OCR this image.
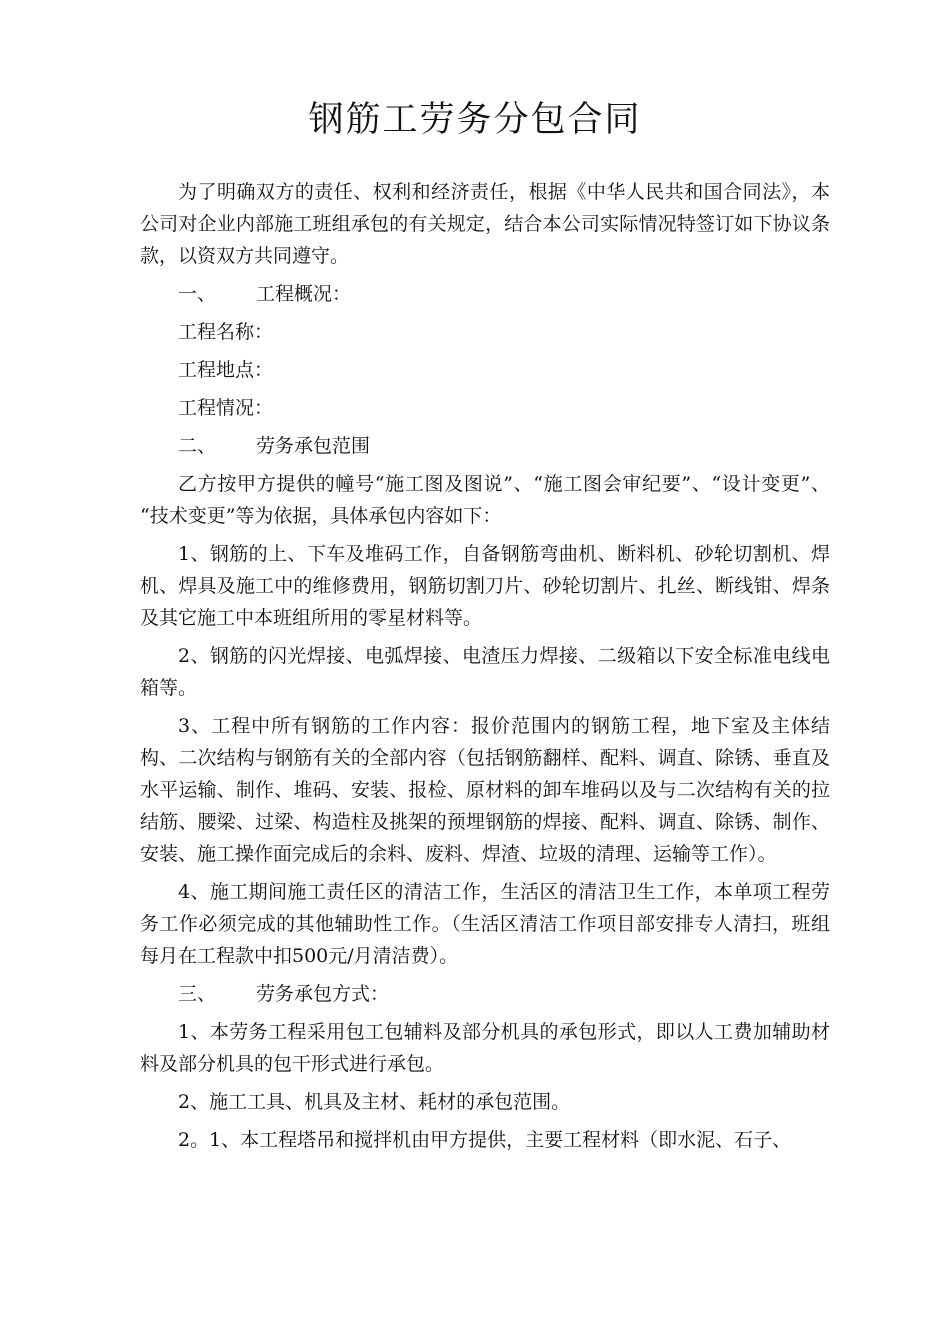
钢筋工劳务分包合同

为了明确双方的责任、权利和经济责任，根据《中华人民共和国合同法》，本公司对企业内部施工班组承包的有关规定，结合本公司实际情况特签订如下协议条款，以资双方共同遵守。

一、 工程概况：

工程名称：

工程地点：

工程情况：

二、 劳务承包范围

乙方按甲方提供的幢号“施工图及图说”、“施工图会审纪要”、“设计变更”、 “技术变更”等为依据，具体承包内容如下：

1、钢筋的上、下车及堆码工作，自备钢筋弯曲机、断料机、砂轮切割机、焊机、焊具及施工中的维修费用，钢筋切割刀片、砂轮切割片、扎丝、断线钳、焊条及其它施工中本班组所用的零星材料等。

2、钢筋的闪光焊接、电弧焊接、电渣压力焊接、二级箱以下安全标准电线电箱等。

3、工程中所有钢筋的工作内容：报价范围内的钢筋工程，地下室及主体结构、二次结构与钢筋有关的全部内容（包括钢筋翻样、配料、调直、除锈、垂直及水平运输、制作、堆码、安装、报检、原材料的卸车堆码以及与二次结构有关的拉结筋、腰梁、过梁、构造柱及挑架的预埋钢筋的焊接、配料、调直、除锈、制作、安装、施工操作面完成后的余料、废料、焊渣、垃圾的清理、运输等工作）。

4、施工期间施工责任区的清洁工作，生活区的清洁卫生工作，本单项工程劳务工作必须完成的其他辅助性工作。（生活区清洁工作项目部安排专人清扫，班组每月在工程款中扣500元/月清洁费）。

三、 劳务承包方式：

1、本劳务工程采用包工包辅料及部分机具的承包形式，即以人工费加辅助材料及部分机具的包干形式进行承包。

2、施工工具、机具及主材、耗材的承包范围。

2。1、本工程塔吊和搅拌机由甲方提供，主要工程材料（即水泥、石子、
